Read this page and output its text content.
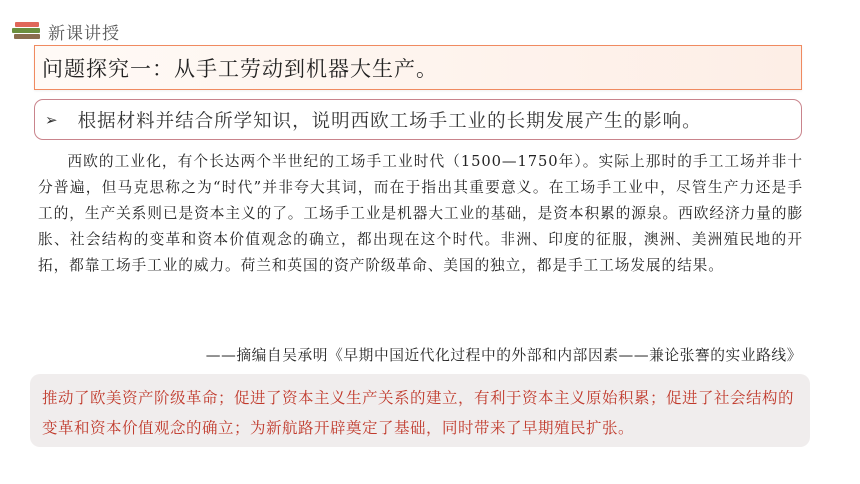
新课讲授
问题探究一：从手工劳动到机器大生产。
➢ 根据材料并结合所学知识，说明西欧工场手工业的长期发展产生的影响。

西欧的工业化，有个长达两个半世纪的工场手工业时代（1500—1750年）。实际上那时的手工工场并非十分普遍，但马克思称之为“时代”并非夸大其词，而在于指出其重要意义。在工场手工业中，尽管生产力还是手工的，生产关系则已是资本主义的了。工场手工业是机器大工业的基础，是资本积累的源泉。西欧经济力量的膨胀、社会结构的变革和资本价值观念的确立，都出现在这个时代。非洲、印度的征服，澳洲、美洲殖民地的开拓，都靠工场手工业的威力。荷兰和英国的资产阶级革命、美国的独立，都是手工工场发展的结果。

——摘编自吴承明《早期中国近代化过程中的外部和内部因素——兼论张謇的实业路线》

推动了欧美资产阶级革命；促进了资本主义生产关系的建立，有利于资本主义原始积累；促进了社会结构的变革和资本价值观念的确立；为新航路开辟奠定了基础，同时带来了早期殖民扩张。
